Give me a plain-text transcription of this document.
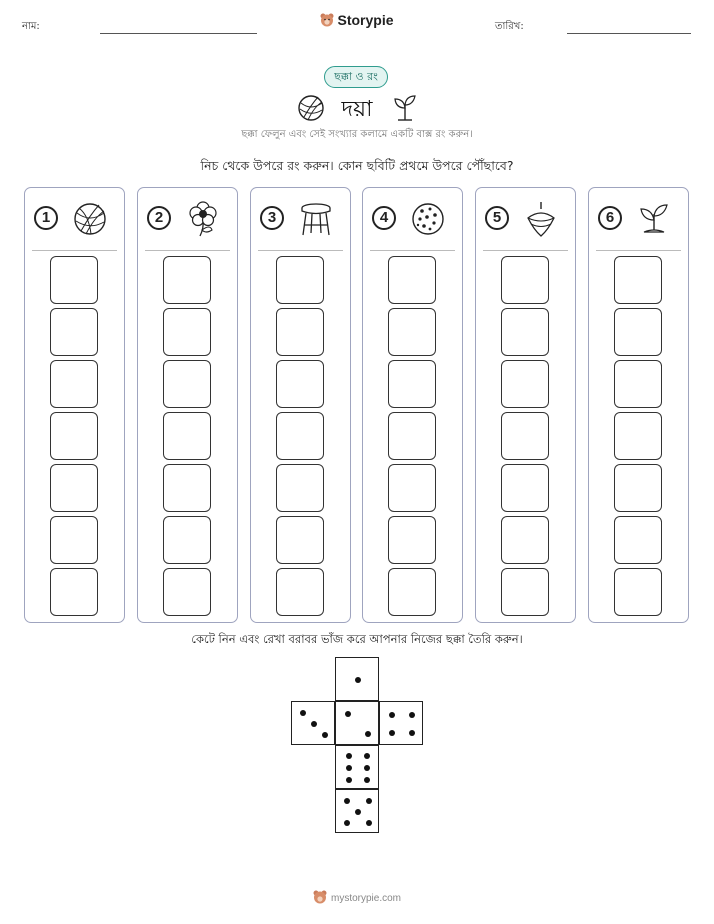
নাম:	Storypie	তারিখ:
ছক্কা ও রং
দয়া
ছক্কা ফেলুন এবং সেই সংখ্যার কলামে একটি বাক্স রং করুন।
নিচ থেকে উপরে রং করুন। কোন ছবিটি প্রথমে উপরে পৌঁছাবে?
1	2	3	4	5	6
কেটে নিন এবং রেখা বরাবর ভাঁজ করে আপনার নিজের ছক্কা তৈরি করুন।
mystorypie.com
